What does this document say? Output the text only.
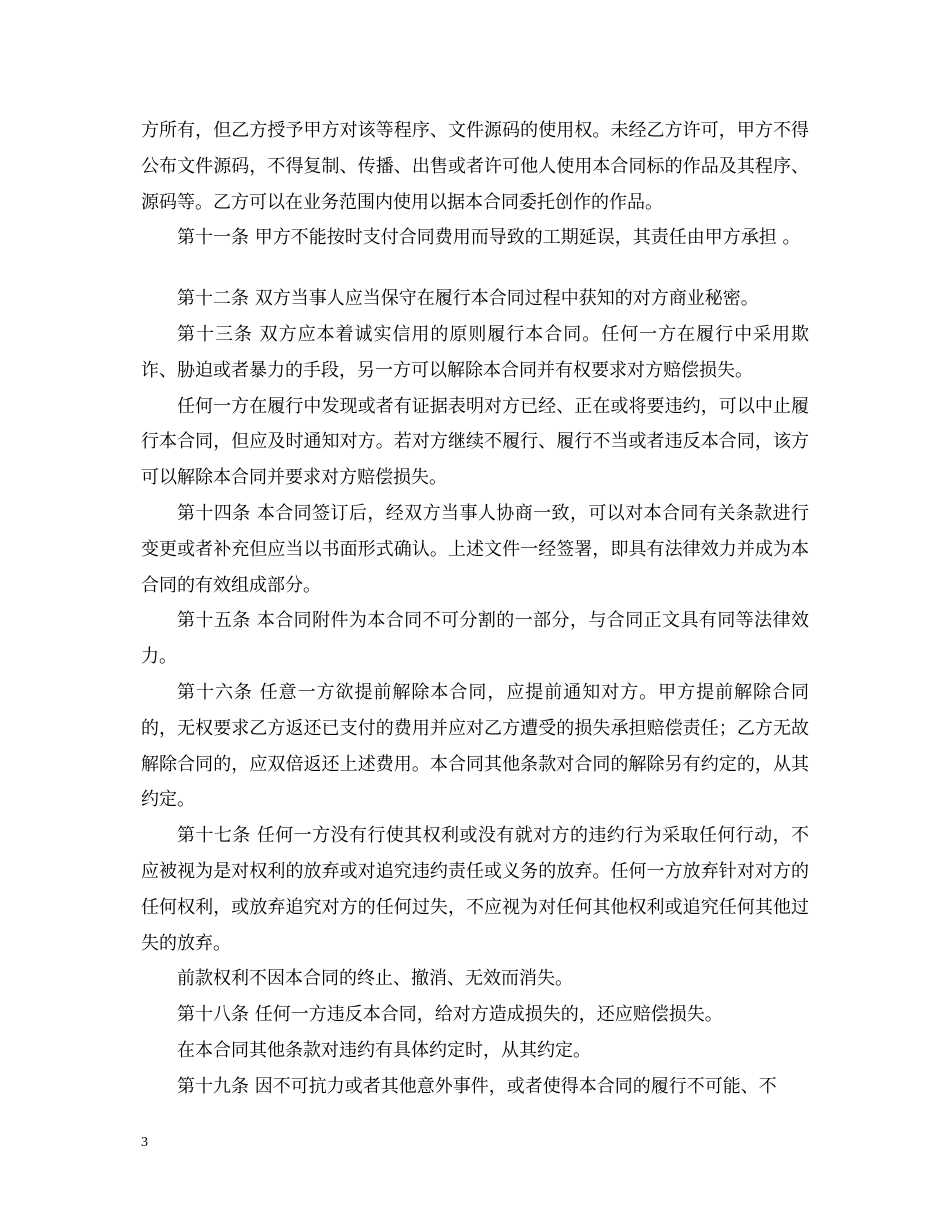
方所有，但乙方授予甲方对该等程序、文件源码的使用权。未经乙方许可，甲方不得公布文件源码，不得复制、传播、出售或者许可他人使用本合同标的作品及其程序、源码等。乙方可以在业务范围内使用以据本合同委托创作的作品。

第十一条 甲方不能按时支付合同费用而导致的工期延误，其责任由甲方承担 。

第十二条 双方当事人应当保守在履行本合同过程中获知的对方商业秘密。

第十三条 双方应本着诚实信用的原则履行本合同。任何一方在履行中采用欺诈、胁迫或者暴力的手段，另一方可以解除本合同并有权要求对方赔偿损失。

任何一方在履行中发现或者有证据表明对方已经、正在或将要违约，可以中止履行本合同，但应及时通知对方。若对方继续不履行、履行不当或者违反本合同，该方可以解除本合同并要求对方赔偿损失。

第十四条 本合同签订后，经双方当事人协商一致，可以对本合同有关条款进行变更或者补充但应当以书面形式确认。上述文件一经签署，即具有法律效力并成为本合同的有效组成部分。

第十五条 本合同附件为本合同不可分割的一部分，与合同正文具有同等法律效力。

第十六条 任意一方欲提前解除本合同，应提前通知对方。甲方提前解除合同的，无权要求乙方返还已支付的费用并应对乙方遭受的损失承担赔偿责任；乙方无故解除合同的，应双倍返还上述费用。本合同其他条款对合同的解除另有约定的，从其约定。

第十七条 任何一方没有行使其权利或没有就对方的违约行为采取任何行动，不应被视为是对权利的放弃或对追究违约责任或义务的放弃。任何一方放弃针对对方的任何权利，或放弃追究对方的任何过失，不应视为对任何其他权利或追究任何其他过失的放弃。

前款权利不因本合同的终止、撤消、无效而消失。

第十八条 任何一方违反本合同，给对方造成损失的，还应赔偿损失。

在本合同其他条款对违约有具体约定时，从其约定。

第十九条 因不可抗力或者其他意外事件，或者使得本合同的履行不可能、不

3
